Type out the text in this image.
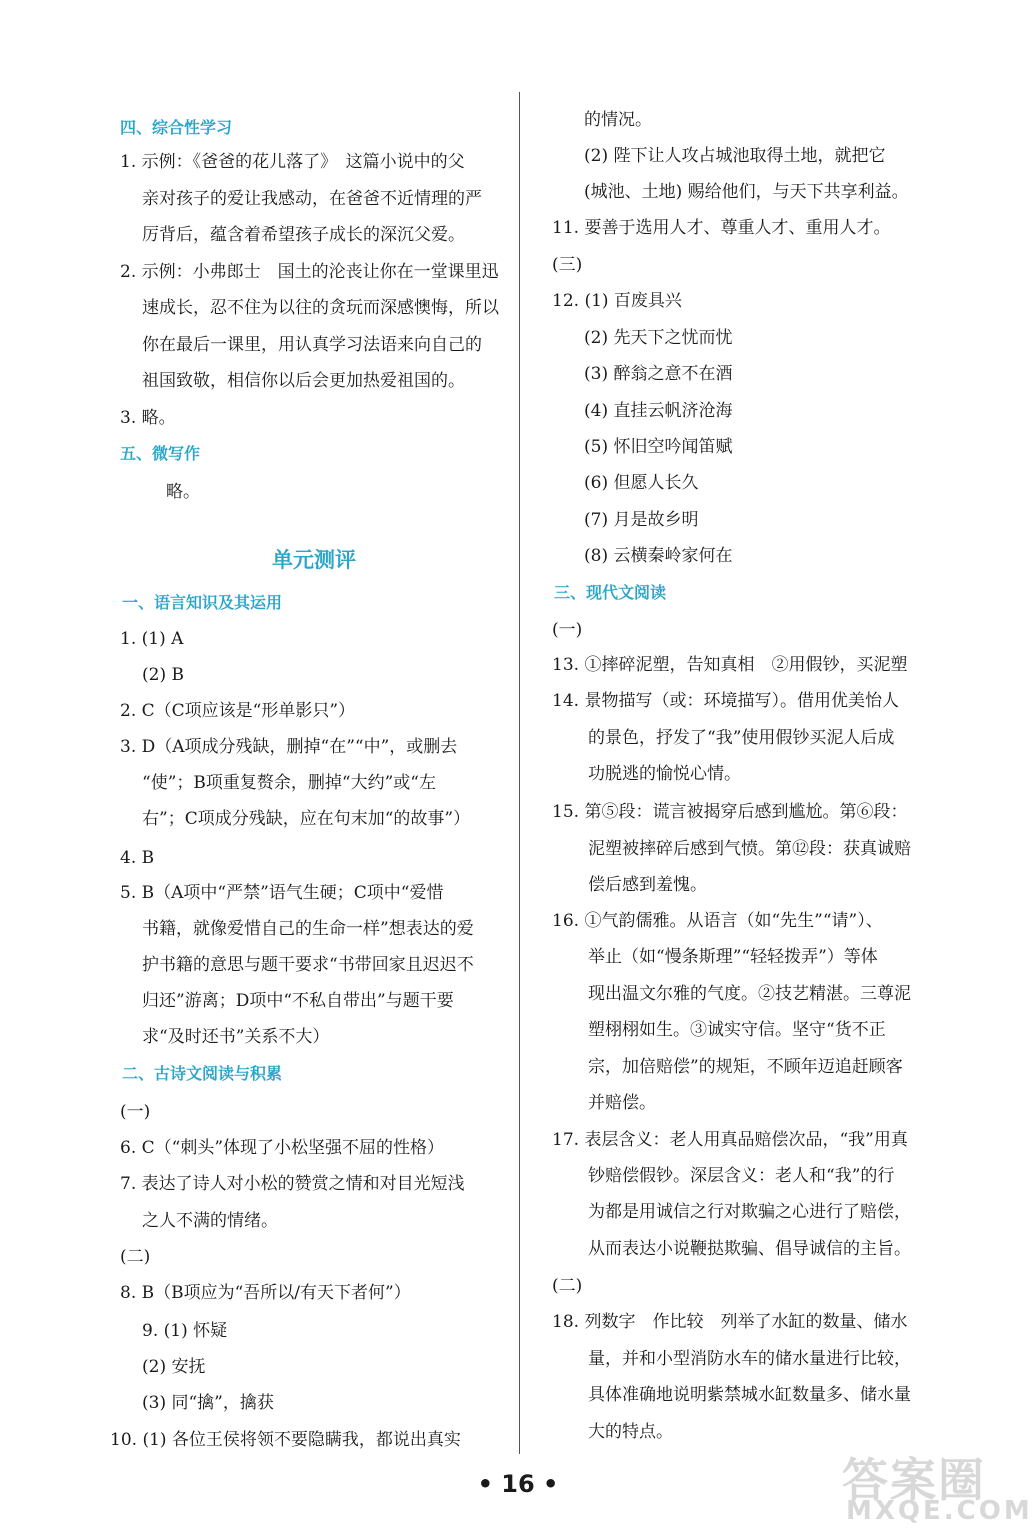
四、综合性学习
1. 示例：《爸爸的花儿落了》　这篇小说中的父
亲对孩子的爱让我感动，在爸爸不近情理的严
厉背后，蕴含着希望孩子成长的深沉父爱。
2. 示例：小弗郎士　国土的沦丧让你在一堂课里迅
速成长，忍不住为以往的贪玩而深感懊悔，所以
你在最后一课里，用认真学习法语来向自己的
祖国致敬，相信你以后会更加热爱祖国的。
3. 略。
五、微写作
略。
单元测评
一、语言知识及其运用
1. (1) A
(2) B
2. C（C项应该是“形单影只”）
3. D（A项成分残缺，删掉“在”“中”，或删去
“使”；B项重复赘余，删掉“大约”或“左
右”；C项成分残缺，应在句末加“的故事”）
4. B
5. B（A项中“严禁”语气生硬；C项中“爱惜
书籍，就像爱惜自己的生命一样”想表达的爱
护书籍的意思与题干要求“书带回家且迟迟不
归还”游离；D项中“不私自带出”与题干要
求“及时还书”关系不大）
二、古诗文阅读与积累
(一)
6. C（“刺头”体现了小松坚强不屈的性格）
7. 表达了诗人对小松的赞赏之情和对目光短浅
之人不满的情绪。
(二)
8. B（B项应为“吾所以/有天下者何”）
9. (1) 怀疑
(2) 安抚
(3) 同“擒”，擒获
10. (1) 各位王侯将领不要隐瞒我，都说出真实
的情况。
(2) 陛下让人攻占城池取得土地，就把它
(城池、土地) 赐给他们，与天下共享利益。
11. 要善于选用人才、尊重人才、重用人才。
(三)
12. (1) 百废具兴
(2) 先天下之忧而忧
(3) 醉翁之意不在酒
(4) 直挂云帆济沧海
(5) 怀旧空吟闻笛赋
(6) 但愿人长久
(7) 月是故乡明
(8) 云横秦岭家何在
三、现代文阅读
(一)
13. ①摔碎泥塑，告知真相　②用假钞，买泥塑
14. 景物描写（或：环境描写）。借用优美怡人
的景色，抒发了“我”使用假钞买泥人后成
功脱逃的愉悦心情。
15. 第⑤段：谎言被揭穿后感到尴尬。第⑥段：
泥塑被摔碎后感到气愤。第⑫段：获真诚赔
偿后感到羞愧。
16. ①气韵儒雅。从语言（如“先生”“请”）、
举止（如“慢条斯理”“轻轻拨弄”）等体
现出温文尔雅的气度。②技艺精湛。三尊泥
塑栩栩如生。③诚实守信。坚守“货不正
宗，加倍赔偿”的规矩，不顾年迈追赶顾客
并赔偿。
17. 表层含义：老人用真品赔偿次品，“我”用真
钞赔偿假钞。深层含义：老人和“我”的行
为都是用诚信之行对欺骗之心进行了赔偿，
从而表达小说鞭挞欺骗、倡导诚信的主旨。
(二)
18. 列数字　作比较　列举了水缸的数量、储水
量，并和小型消防水车的储水量进行比较，
具体准确地说明紫禁城水缸数量多、储水量
大的特点。
• 16 •	答案圈
MXQE.COM
